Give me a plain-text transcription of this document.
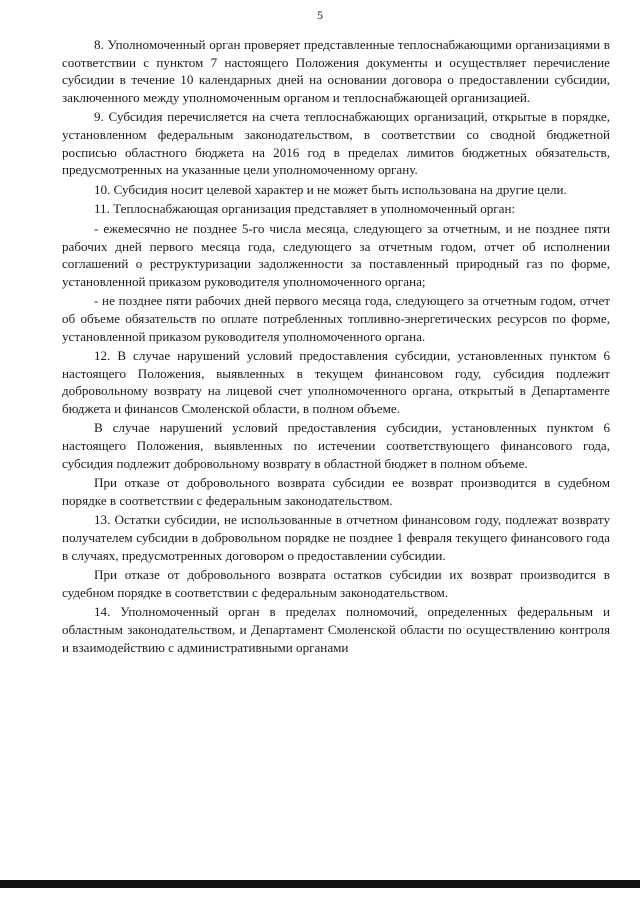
5

8. Уполномоченный орган проверяет представленные теплоснабжающими организациями в соответствии с пунктом 7 настоящего Положения документы и осуществляет перечисление субсидии в течение 10 календарных дней на основании договора о предоставлении субсидии, заключенного между уполномоченным органом и теплоснабжающей организацией.

9. Субсидия перечисляется на счета теплоснабжающих организаций, открытые в порядке, установленном федеральным законодательством, в соответствии со сводной бюджетной росписью областного бюджета на 2016 год в пределах лимитов бюджетных обязательств, предусмотренных на указанные цели уполномоченному органу.

10. Субсидия носит целевой характер и не может быть использована на другие цели.

11. Теплоснабжающая организация представляет в уполномоченный орган:

- ежемесячно не позднее 5-го числа месяца, следующего за отчетным, и не позднее пяти рабочих дней первого месяца года, следующего за отчетным годом, отчет об исполнении соглашений о реструктуризации задолженности за поставленный природный газ по форме, установленной приказом руководителя уполномоченного органа;

- не позднее пяти рабочих дней первого месяца года, следующего за отчетным годом, отчет об объеме обязательств по оплате потребленных топливно-энергетических ресурсов по форме, установленной приказом руководителя уполномоченного органа.

12. В случае нарушений условий предоставления субсидии, установленных пунктом 6 настоящего Положения, выявленных в текущем финансовом году, субсидия подлежит добровольному возврату на лицевой счет уполномоченного органа, открытый в Департаменте бюджета и финансов Смоленской области, в полном объеме.

В случае нарушений условий предоставления субсидии, установленных пунктом 6 настоящего Положения, выявленных по истечении соответствующего финансового года, субсидия подлежит добровольному возврату в областной бюджет в полном объеме.

При отказе от добровольного возврата субсидии ее возврат производится в судебном порядке в соответствии с федеральным законодательством.

13. Остатки субсидии, не использованные в отчетном финансовом году, подлежат возврату получателем субсидии в добровольном порядке не позднее 1 февраля текущего финансового года в случаях, предусмотренных договором о предоставлении субсидии.

При отказе от добровольного возврата остатков субсидии их возврат производится в судебном порядке в соответствии с федеральным законодательством.

14. Уполномоченный орган в пределах полномочий, определенных федеральным и областным законодательством, и Департамент Смоленской области по осуществлению контроля и взаимодействию с административными органами
